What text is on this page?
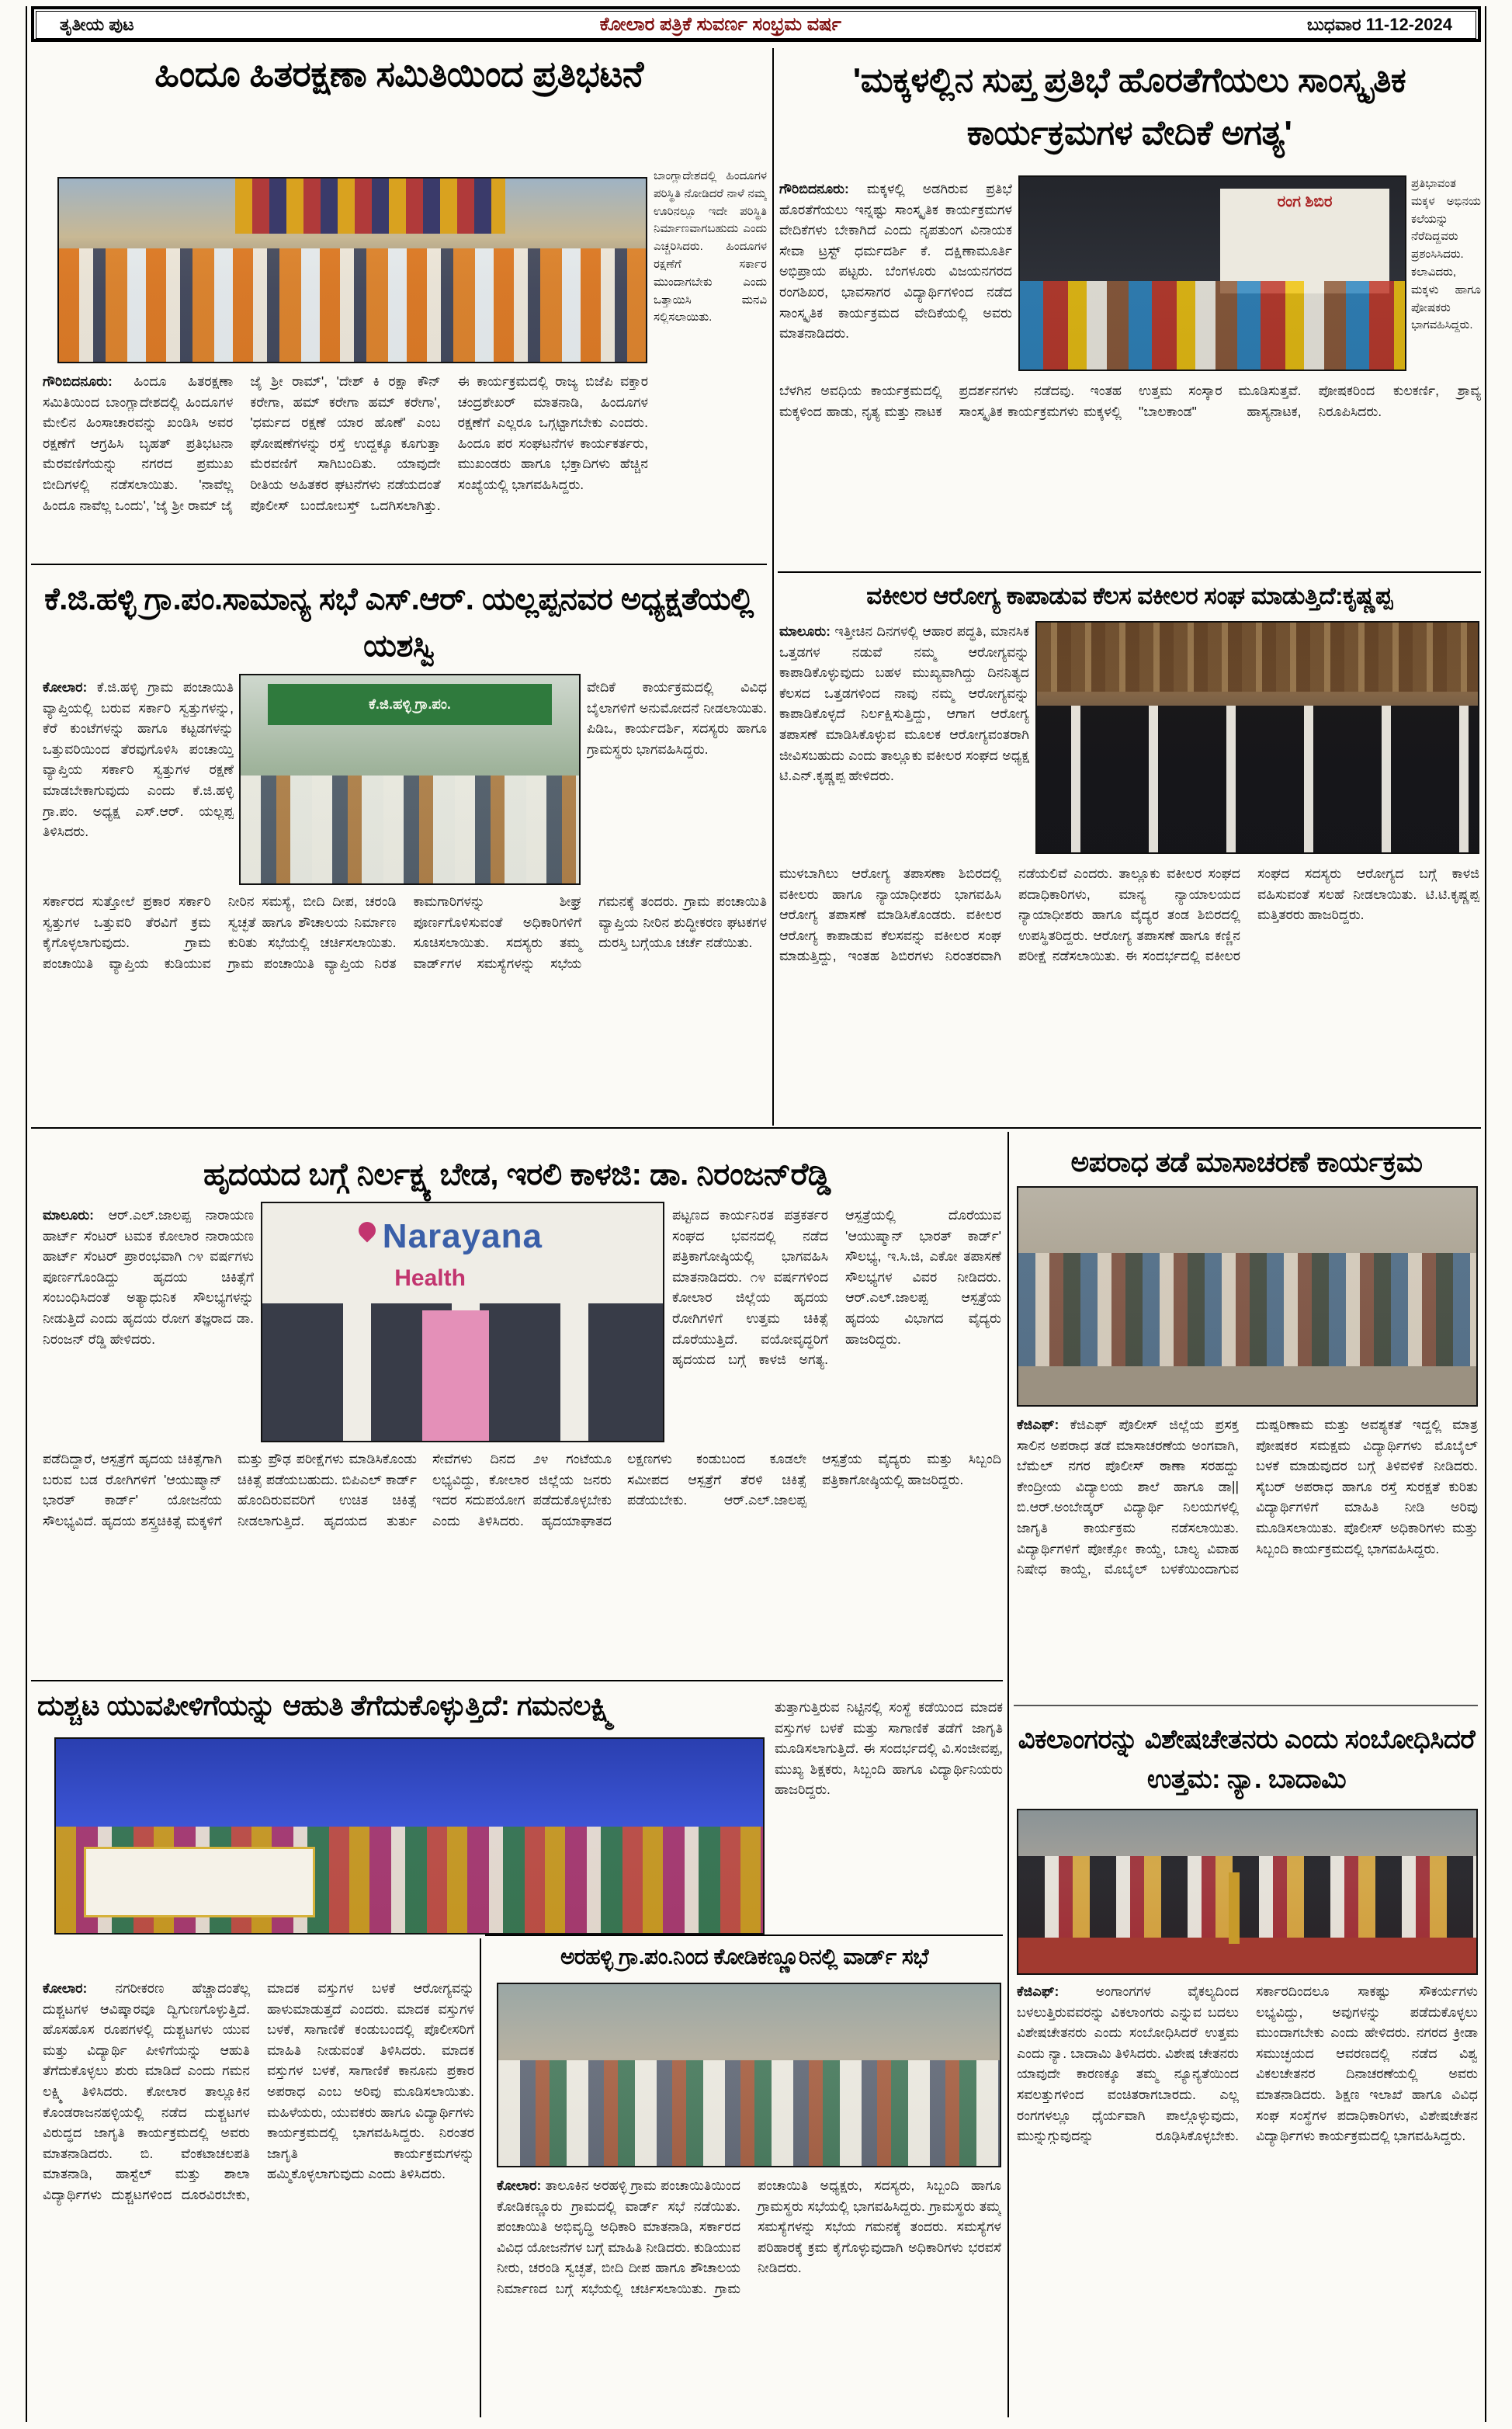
ತೃತೀಯ ಪುಟ	ಕೋಲಾರ ಪತ್ರಿಕೆ ಸುವರ್ಣ ಸಂಭ್ರಮ ವರ್ಷ	ಬುಧವಾರ 11-12-2024
ಹಿಂದೂ ಹಿತರಕ್ಷಣಾ ಸಮಿತಿಯಿಂದ ಪ್ರತಿಭಟನೆ
ಬಾಂಗ್ಲಾದೇಶದಲ್ಲಿ ಹಿಂದೂಗಳ ಪರಿಸ್ಥಿತಿ ನೋಡಿದರೆ ನಾಳೆ ನಮ್ಮ ಊರಿನಲ್ಲೂ ಇದೇ ಪರಿಸ್ಥಿತಿ ನಿರ್ಮಾಣವಾಗಬಹುದು ಎಂದು ಎಚ್ಚರಿಸಿದರು. ಹಿಂದೂಗಳ ರಕ್ಷಣೆಗೆ ಸರ್ಕಾರ ಮುಂದಾಗಬೇಕು ಎಂದು ಒತ್ತಾಯಿಸಿ ಮನವಿ ಸಲ್ಲಿಸಲಾಯಿತು.
ಗೌರಿಬಿದನೂರು: ಹಿಂದೂ ಹಿತರಕ್ಷಣಾ ಸಮಿತಿಯಿಂದ ಬಾಂಗ್ಲಾದೇಶದಲ್ಲಿ ಹಿಂದೂಗಳ ಮೇಲಿನ ಹಿಂಸಾಚಾರವನ್ನು ಖಂಡಿಸಿ ಅವರ ರಕ್ಷಣೆಗೆ ಆಗ್ರಹಿಸಿ ಬೃಹತ್ ಪ್ರತಿಭಟನಾ ಮೆರವಣಿಗೆಯನ್ನು ನಗರದ ಪ್ರಮುಖ ಬೀದಿಗಳಲ್ಲಿ ನಡೆಸಲಾಯಿತು. 'ನಾವೆಲ್ಲ ಹಿಂದೂ ನಾವೆಲ್ಲ ಒಂದು', 'ಜೈ ಶ್ರೀ ರಾಮ್ ಜೈ ಜೈ ಶ್ರೀ ರಾಮ್', 'ದೇಶ್ ಕಿ ರಕ್ಷಾ ಕೌನ್ ಕರೇಗಾ, ಹಮ್ ಕರೇಗಾ ಹಮ್ ಕರೇಗಾ', 'ಧರ್ಮದ ರಕ್ಷಣೆ ಯಾರ ಹೊಣೆ' ಎಂಬ ಘೋಷಣೆಗಳನ್ನು ರಸ್ತೆ ಉದ್ದಕ್ಕೂ ಕೂಗುತ್ತಾ ಮೆರವಣಿಗೆ ಸಾಗಿಬಂದಿತು. ಯಾವುದೇ ರೀತಿಯ ಅಹಿತಕರ ಘಟನೆಗಳು ನಡೆಯದಂತೆ ಪೊಲೀಸ್ ಬಂದೋಬಸ್ತ್ ಒದಗಿಸಲಾಗಿತ್ತು. ಈ ಕಾರ್ಯಕ್ರಮದಲ್ಲಿ ರಾಜ್ಯ ಬಿಜೆಪಿ ವಕ್ತಾರ ಚಂದ್ರಶೇಖರ್ ಮಾತನಾಡಿ, ಹಿಂದೂಗಳ ರಕ್ಷಣೆಗೆ ಎಲ್ಲರೂ ಒಗ್ಗಟ್ಟಾಗಬೇಕು ಎಂದರು. ಹಿಂದೂ ಪರ ಸಂಘಟನೆಗಳ ಕಾರ್ಯಕರ್ತರು, ಮುಖಂಡರು ಹಾಗೂ ಭಕ್ತಾದಿಗಳು ಹೆಚ್ಚಿನ ಸಂಖ್ಯೆಯಲ್ಲಿ ಭಾಗವಹಿಸಿದ್ದರು.
'ಮಕ್ಕಳಲ್ಲಿನ ಸುಪ್ತ ಪ್ರತಿಭೆ ಹೊರತೆಗೆಯಲು ಸಾಂಸ್ಕೃತಿಕ ಕಾರ್ಯಕ್ರಮಗಳ ವೇದಿಕೆ ಅಗತ್ಯ'
ಗೌರಿಬಿದನೂರು: ಮಕ್ಕಳಲ್ಲಿ ಅಡಗಿರುವ ಪ್ರತಿಭೆ ಹೊರತೆಗೆಯಲು ಇನ್ನಷ್ಟು ಸಾಂಸ್ಕೃತಿಕ ಕಾರ್ಯಕ್ರಮಗಳ ವೇದಿಕೆಗಳು ಬೇಕಾಗಿದೆ ಎಂದು ನೃಪತುಂಗ ವಿನಾಯಕ ಸೇವಾ ಟ್ರಸ್ಟ್ ಧರ್ಮದರ್ಶಿ ಕೆ. ದಕ್ಷಿಣಾಮೂರ್ತಿ ಅಭಿಪ್ರಾಯ ಪಟ್ಟರು. ಬೆಂಗಳೂರು ವಿಜಯನಗರದ ರಂಗಶಿಖರ, ಭಾವಸಾಗರ ವಿದ್ಯಾರ್ಥಿಗಳಿಂದ ನಡೆದ ಸಾಂಸ್ಕೃತಿಕ ಕಾರ್ಯಕ್ರಮದ ವೇದಿಕೆಯಲ್ಲಿ ಅವರು ಮಾತನಾಡಿದರು.
ರಂಗ ಶಿಬಿರ
ಪ್ರತಿಭಾವಂತ ಮಕ್ಕಳ ಅಭಿನಯ ಕಲೆಯನ್ನು ನೆರೆದಿದ್ದವರು ಪ್ರಶಂಸಿಸಿದರು. ಕಲಾವಿದರು, ಮಕ್ಕಳು ಹಾಗೂ ಪೋಷಕರು ಭಾಗವಹಿಸಿದ್ದರು.
ಬೆಳಗಿನ ಅವಧಿಯ ಕಾರ್ಯಕ್ರಮದಲ್ಲಿ ಮಕ್ಕಳಿಂದ ಹಾಡು, ನೃತ್ಯ ಮತ್ತು ನಾಟಕ ಪ್ರದರ್ಶನಗಳು ನಡೆದವು. ಇಂತಹ ಸಾಂಸ್ಕೃತಿಕ ಕಾರ್ಯಕ್ರಮಗಳು ಮಕ್ಕಳಲ್ಲಿ ಉತ್ತಮ ಸಂಸ್ಕಾರ ಮೂಡಿಸುತ್ತವೆ. "ಬಾಲಕಾಂಡ" ಹಾಸ್ಯನಾಟಕ, ಪೋಷಕರಿಂದ ಕುಲಕರ್ಣಿ, ಶ್ರಾವ್ಯ ನಿರೂಪಿಸಿದರು.
ಕೆ.ಜಿ.ಹಳ್ಳಿ ಗ್ರಾ.ಪಂ.ಸಾಮಾನ್ಯ ಸಭೆ ಎಸ್.ಆರ್. ಯಲ್ಲಪ್ಪನವರ ಅಧ್ಯಕ್ಷತೆಯಲ್ಲಿ ಯಶಸ್ವಿ
ಕೋಲಾರ: ಕೆ.ಜಿ.ಹಳ್ಳಿ ಗ್ರಾಮ ಪಂಚಾಯಿತಿ ವ್ಯಾಪ್ತಿಯಲ್ಲಿ ಬರುವ ಸರ್ಕಾರಿ ಸ್ವತ್ತುಗಳನ್ನು, ಕೆರೆ ಕುಂಟೆಗಳನ್ನು ಹಾಗೂ ಕಟ್ಟಡಗಳನ್ನು ಒತ್ತುವರಿಯಿಂದ ತೆರವುಗೊಳಿಸಿ ಪಂಚಾಯ್ತಿ ವ್ಯಾಪ್ತಿಯ ಸರ್ಕಾರಿ ಸ್ವತ್ತುಗಳ ರಕ್ಷಣೆ ಮಾಡಬೇಕಾಗುವುದು ಎಂದು ಕೆ.ಜಿ.ಹಳ್ಳಿ ಗ್ರಾ.ಪಂ. ಅಧ್ಯಕ್ಷ ಎಸ್.ಆರ್. ಯಲ್ಲಪ್ಪ ತಿಳಿಸಿದರು.
ಕೆ.ಜಿ.ಹಳ್ಳಿ ಗ್ರಾ.ಪಂ.
ವೇದಿಕೆ ಕಾರ್ಯಕ್ರಮದಲ್ಲಿ ವಿವಿಧ ಬೈಲಾಗಳಿಗೆ ಅನುಮೋದನೆ ನೀಡಲಾಯಿತು. ಪಿಡಿಒ, ಕಾರ್ಯದರ್ಶಿ, ಸದಸ್ಯರು ಹಾಗೂ ಗ್ರಾಮಸ್ಥರು ಭಾಗವಹಿಸಿದ್ದರು.
ಸರ್ಕಾರದ ಸುತ್ತೋಲೆ ಪ್ರಕಾರ ಸರ್ಕಾರಿ ಸ್ವತ್ತುಗಳ ಒತ್ತುವರಿ ತೆರವಿಗೆ ಕ್ರಮ ಕೈಗೊಳ್ಳಲಾಗುವುದು. ಗ್ರಾಮ ಪಂಚಾಯಿತಿ ವ್ಯಾಪ್ತಿಯ ಕುಡಿಯುವ ನೀರಿನ ಸಮಸ್ಯೆ, ಬೀದಿ ದೀಪ, ಚರಂಡಿ ಸ್ವಚ್ಛತೆ ಹಾಗೂ ಶೌಚಾಲಯ ನಿರ್ಮಾಣ ಕುರಿತು ಸಭೆಯಲ್ಲಿ ಚರ್ಚಿಸಲಾಯಿತು. ಗ್ರಾಮ ಪಂಚಾಯಿತಿ ವ್ಯಾಪ್ತಿಯ ನಿರತ ಕಾಮಗಾರಿಗಳನ್ನು ಶೀಘ್ರ ಪೂರ್ಣಗೊಳಿಸುವಂತೆ ಅಧಿಕಾರಿಗಳಿಗೆ ಸೂಚಿಸಲಾಯಿತು. ಸದಸ್ಯರು ತಮ್ಮ ವಾರ್ಡ್‌ಗಳ ಸಮಸ್ಯೆಗಳನ್ನು ಸಭೆಯ ಗಮನಕ್ಕೆ ತಂದರು. ಗ್ರಾಮ ಪಂಚಾಯಿತಿ ವ್ಯಾಪ್ತಿಯ ನೀರಿನ ಶುದ್ಧೀಕರಣ ಘಟಕಗಳ ದುರಸ್ತಿ ಬಗ್ಗೆಯೂ ಚರ್ಚೆ ನಡೆಯಿತು.
ವಕೀಲರ ಆರೋಗ್ಯ ಕಾಪಾಡುವ ಕೆಲಸ ವಕೀಲರ ಸಂಘ ಮಾಡುತ್ತಿದೆ:ಕೃಷ್ಣಪ್ಪ
ಮಾಲೂರು: ಇತ್ತೀಚಿನ ದಿನಗಳಲ್ಲಿ ಆಹಾರ ಪದ್ಧತಿ, ಮಾನಸಿಕ ಒತ್ತಡಗಳ ನಡುವೆ ನಮ್ಮ ಆರೋಗ್ಯವನ್ನು ಕಾಪಾಡಿಕೊಳ್ಳುವುದು ಬಹಳ ಮುಖ್ಯವಾಗಿದ್ದು ದಿನನಿತ್ಯದ ಕೆಲಸದ ಒತ್ತಡಗಳಿಂದ ನಾವು ನಮ್ಮ ಆರೋಗ್ಯವನ್ನು ಕಾಪಾಡಿಕೊಳ್ಳದೆ ನಿರ್ಲಕ್ಷಿಸುತ್ತಿದ್ದು, ಆಗಾಗ ಆರೋಗ್ಯ ತಪಾಸಣೆ ಮಾಡಿಸಿಕೊಳ್ಳುವ ಮೂಲಕ ಆರೋಗ್ಯವಂತರಾಗಿ ಜೀವಿಸಬಹುದು ಎಂದು ತಾಲ್ಲೂಕು ವಕೀಲರ ಸಂಘದ ಅಧ್ಯಕ್ಷ ಟಿ.ಎನ್.ಕೃಷ್ಣಪ್ಪ ಹೇಳಿದರು.
ಮುಳಬಾಗಿಲು ಆರೋಗ್ಯ ತಪಾಸಣಾ ಶಿಬಿರದಲ್ಲಿ ವಕೀಲರು ಹಾಗೂ ನ್ಯಾಯಾಧೀಶರು ಭಾಗವಹಿಸಿ ಆರೋಗ್ಯ ತಪಾಸಣೆ ಮಾಡಿಸಿಕೊಂಡರು. ವಕೀಲರ ಆರೋಗ್ಯ ಕಾಪಾಡುವ ಕೆಲಸವನ್ನು ವಕೀಲರ ಸಂಘ ಮಾಡುತ್ತಿದ್ದು, ಇಂತಹ ಶಿಬಿರಗಳು ನಿರಂತರವಾಗಿ ನಡೆಯಲಿವೆ ಎಂದರು. ತಾಲ್ಲೂಕು ವಕೀಲರ ಸಂಘದ ಪದಾಧಿಕಾರಿಗಳು, ಮಾನ್ಯ ನ್ಯಾಯಾಲಯದ ನ್ಯಾಯಾಧೀಶರು ಹಾಗೂ ವೈದ್ಯರ ತಂಡ ಶಿಬಿರದಲ್ಲಿ ಉಪಸ್ಥಿತರಿದ್ದರು. ಆರೋಗ್ಯ ತಪಾಸಣೆ ಹಾಗೂ ಕಣ್ಣಿನ ಪರೀಕ್ಷೆ ನಡೆಸಲಾಯಿತು. ಈ ಸಂದರ್ಭದಲ್ಲಿ ವಕೀಲರ ಸಂಘದ ಸದಸ್ಯರು ಆರೋಗ್ಯದ ಬಗ್ಗೆ ಕಾಳಜಿ ವಹಿಸುವಂತೆ ಸಲಹೆ ನೀಡಲಾಯಿತು. ಟಿ.ಟಿ.ಕೃಷ್ಣಪ್ಪ ಮತ್ತಿತರರು ಹಾಜರಿದ್ದರು.
ಹೃದಯದ ಬಗ್ಗೆ ನಿರ್ಲಕ್ಷ್ಯ ಬೇಡ, ಇರಲಿ ಕಾಳಜಿ: ಡಾ. ನಿರಂಜನ್‌ರೆಡ್ಡಿ
ಮಾಲೂರು: ಆರ್.ಎಲ್.ಜಾಲಪ್ಪ ನಾರಾಯಣ ಹಾರ್ಟ್ ಸೆಂಟರ್ ಟಮಕ ಕೋಲಾರ ನಾರಾಯಣ ಹಾರ್ಟ್ ಸೆಂಟರ್ ಪ್ರಾರಂಭವಾಗಿ ೧೪ ವರ್ಷಗಳು ಪೂರ್ಣಗೊಂಡಿದ್ದು ಹೃದಯ ಚಿಕಿತ್ಸೆಗೆ ಸಂಬಂಧಿಸಿದಂತೆ ಅತ್ಯಾಧುನಿಕ ಸೌಲಭ್ಯಗಳನ್ನು ನೀಡುತ್ತಿದೆ ಎಂದು ಹೃದಯ ರೋಗ ತಜ್ಞರಾದ ಡಾ. ನಿರಂಜನ್ ರೆಡ್ಡಿ ಹೇಳಿದರು.
Narayana
Health
ಪಟ್ಟಣದ ಕಾರ್ಯನಿರತ ಪತ್ರಕರ್ತರ ಸಂಘದ ಭವನದಲ್ಲಿ ನಡೆದ ಪತ್ರಿಕಾಗೋಷ್ಠಿಯಲ್ಲಿ ಭಾಗವಹಿಸಿ ಮಾತನಾಡಿದರು. ೧೪ ವರ್ಷಗಳಿಂದ ಕೋಲಾರ ಜಿಲ್ಲೆಯ ಹೃದಯ ರೋಗಿಗಳಿಗೆ ಉತ್ತಮ ಚಿಕಿತ್ಸೆ ದೊರೆಯುತ್ತಿದೆ. ವಯೋವೃದ್ಧರಿಗೆ ಹೃದಯದ ಬಗ್ಗೆ ಕಾಳಜಿ ಅಗತ್ಯ. ಆಸ್ಪತ್ರೆಯಲ್ಲಿ ದೊರೆಯುವ 'ಆಯುಷ್ಮಾನ್ ಭಾರತ್ ಕಾರ್ಡ್' ಸೌಲಭ್ಯ, ಇ.ಸಿ.ಜಿ, ಎಕೋ ತಪಾಸಣೆ ಸೌಲಭ್ಯಗಳ ವಿವರ ನೀಡಿದರು. ಆರ್.ಎಲ್.ಜಾಲಪ್ಪ ಆಸ್ಪತ್ರೆಯ ಹೃದಯ ವಿಭಾಗದ ವೈದ್ಯರು ಹಾಜರಿದ್ದರು.
ಪಡೆದಿದ್ದಾರೆ, ಆಸ್ಪತ್ರೆಗೆ ಹೃದಯ ಚಿಕಿತ್ಸೆಗಾಗಿ ಬರುವ ಬಡ ರೋಗಿಗಳಿಗೆ 'ಆಯುಷ್ಮಾನ್ ಭಾರತ್ ಕಾರ್ಡ್' ಯೋಜನೆಯ ಸೌಲಭ್ಯವಿದೆ. ಹೃದಯ ಶಸ್ತ್ರಚಿಕಿತ್ಸೆ ಮಕ್ಕಳಿಗೆ ಮತ್ತು ಪ್ರೌಢ ಪರೀಕ್ಷೆಗಳು ಮಾಡಿಸಿಕೊಂಡು ಚಿಕಿತ್ಸೆ ಪಡೆಯಬಹುದು. ಬಿಪಿಎಲ್ ಕಾರ್ಡ್ ಹೊಂದಿರುವವರಿಗೆ ಉಚಿತ ಚಿಕಿತ್ಸೆ ನೀಡಲಾಗುತ್ತಿದೆ. ಹೃದಯದ ತುರ್ತು ಸೇವೆಗಳು ದಿನದ ೨೪ ಗಂಟೆಯೂ ಲಭ್ಯವಿದ್ದು, ಕೋಲಾರ ಜಿಲ್ಲೆಯ ಜನರು ಇದರ ಸದುಪಯೋಗ ಪಡೆದುಕೊಳ್ಳಬೇಕು ಎಂದು ತಿಳಿಸಿದರು. ಹೃದಯಾಘಾತದ ಲಕ್ಷಣಗಳು ಕಂಡುಬಂದ ಕೂಡಲೇ ಸಮೀಪದ ಆಸ್ಪತ್ರೆಗೆ ತೆರಳಿ ಚಿಕಿತ್ಸೆ ಪಡೆಯಬೇಕು. ಆರ್.ಎಲ್.ಜಾಲಪ್ಪ ಆಸ್ಪತ್ರೆಯ ವೈದ್ಯರು ಮತ್ತು ಸಿಬ್ಬಂದಿ ಪತ್ರಿಕಾಗೋಷ್ಠಿಯಲ್ಲಿ ಹಾಜರಿದ್ದರು.
ಅಪರಾಧ ತಡೆ ಮಾಸಾಚರಣೆ ಕಾರ್ಯಕ್ರಮ
ಕೆಜಿಎಫ್: ಕೆಜಿಎಫ್ ಪೊಲೀಸ್ ಜಿಲ್ಲೆಯ ಪ್ರಸಕ್ತ ಸಾಲಿನ ಅಪರಾಧ ತಡೆ ಮಾಸಾಚರಣೆಯ ಅಂಗವಾಗಿ, ಬೆಮೆಲ್ ನಗರ ಪೊಲೀಸ್ ಠಾಣಾ ಸರಹದ್ದು ಕೇಂದ್ರೀಯ ವಿದ್ಯಾಲಯ ಶಾಲೆ ಹಾಗೂ ಡಾ|| ಬಿ.ಆರ್.ಅಂಬೇಡ್ಕರ್ ವಿದ್ಯಾರ್ಥಿ ನಿಲಯಗಳಲ್ಲಿ ಜಾಗೃತಿ ಕಾರ್ಯಕ್ರಮ ನಡೆಸಲಾಯಿತು. ವಿದ್ಯಾರ್ಥಿಗಳಿಗೆ ಪೋಕ್ಸೋ ಕಾಯ್ದೆ, ಬಾಲ್ಯ ವಿವಾಹ ನಿಷೇಧ ಕಾಯ್ದೆ, ಮೊಬೈಲ್ ಬಳಕೆಯಿಂದಾಗುವ ದುಷ್ಪರಿಣಾಮ ಮತ್ತು ಅವಶ್ಯಕತೆ ಇದ್ದಲ್ಲಿ ಮಾತ್ರ ಪೋಷಕರ ಸಮಕ್ಷಮ ವಿದ್ಯಾರ್ಥಿಗಳು ಮೊಬೈಲ್ ಬಳಕೆ ಮಾಡುವುದರ ಬಗ್ಗೆ ತಿಳಿವಳಿಕೆ ನೀಡಿದರು. ಸೈಬರ್ ಅಪರಾಧ ಹಾಗೂ ರಸ್ತೆ ಸುರಕ್ಷತೆ ಕುರಿತು ವಿದ್ಯಾರ್ಥಿಗಳಿಗೆ ಮಾಹಿತಿ ನೀಡಿ ಅರಿವು ಮೂಡಿಸಲಾಯಿತು. ಪೊಲೀಸ್ ಅಧಿಕಾರಿಗಳು ಮತ್ತು ಸಿಬ್ಬಂದಿ ಕಾರ್ಯಕ್ರಮದಲ್ಲಿ ಭಾಗವಹಿಸಿದ್ದರು.
ದುಶ್ಚಟ ಯುವಪೀಳಿಗೆಯನ್ನು ಆಹುತಿ ತೆಗೆದುಕೊಳ್ಳುತ್ತಿದೆ: ಗಮನಲಕ್ಷ್ಮಿ	ತುತ್ತಾಗುತ್ತಿರುವ ನಿಟ್ಟಿನಲ್ಲಿ ಸಂಸ್ಥೆ ಕಡೆಯಿಂದ ಮಾದಕ ವಸ್ತುಗಳ ಬಳಕೆ ಮತ್ತು ಸಾಗಾಣಿಕೆ ತಡೆಗೆ ಜಾಗೃತಿ ಮೂಡಿಸಲಾಗುತ್ತಿದೆ. ಈ ಸಂದರ್ಭದಲ್ಲಿ ವಿ.ಸಂಜೀವಪ್ಪ, ಮುಖ್ಯ ಶಿಕ್ಷಕರು, ಸಿಬ್ಬಂದಿ ಹಾಗೂ ವಿದ್ಯಾರ್ಥಿನಿಯರು ಹಾಜರಿದ್ದರು.
ಕೋಲಾರ: ನಗರೀಕರಣ ಹೆಚ್ಚಾದಂತೆಲ್ಲ ದುಶ್ಚಟಗಳ ಆವಿಷ್ಕಾರವೂ ದ್ವಿಗುಣಗೊಳ್ಳುತ್ತಿದೆ. ಹೊಸಹೊಸ ರೂಪಗಳಲ್ಲಿ ದುಶ್ಚಟಗಳು ಯುವ ಮತ್ತು ವಿದ್ಯಾರ್ಥಿ ಪೀಳಿಗೆಯನ್ನು ಆಹುತಿ ತೆಗೆದುಕೊಳ್ಳಲು ಶುರು ಮಾಡಿದೆ ಎಂದು ಗಮನ ಲಕ್ಷ್ಮಿ ತಿಳಿಸಿದರು. ಕೋಲಾರ ತಾಲ್ಲೂಕಿನ ಕೊಂಡರಾಜನಹಳ್ಳಿಯಲ್ಲಿ ನಡೆದ ದುಶ್ಚಟಗಳ ವಿರುದ್ಧದ ಜಾಗೃತಿ ಕಾರ್ಯಕ್ರಮದಲ್ಲಿ ಅವರು ಮಾತನಾಡಿದರು. ಬಿ. ವೆಂಕಟಾಚಲಪತಿ ಮಾತನಾಡಿ, ಹಾಸ್ಟೆಲ್ ಮತ್ತು ಶಾಲಾ ವಿದ್ಯಾರ್ಥಿಗಳು ದುಶ್ಚಟಗಳಿಂದ ದೂರವಿರಬೇಕು, ಮಾದಕ ವಸ್ತುಗಳ ಬಳಕೆ ಆರೋಗ್ಯವನ್ನು ಹಾಳುಮಾಡುತ್ತದೆ ಎಂದರು. ಮಾದಕ ವಸ್ತುಗಳ ಬಳಕೆ, ಸಾಗಾಣಿಕೆ ಕಂಡುಬಂದಲ್ಲಿ ಪೊಲೀಸರಿಗೆ ಮಾಹಿತಿ ನೀಡುವಂತೆ ತಿಳಿಸಿದರು. ಮಾದಕ ವಸ್ತುಗಳ ಬಳಕೆ, ಸಾಗಾಣಿಕೆ ಕಾನೂನು ಪ್ರಕಾರ ಅಪರಾಧ ಎಂಬ ಅರಿವು ಮೂಡಿಸಲಾಯಿತು. ಮಹಿಳೆಯರು, ಯುವಕರು ಹಾಗೂ ವಿದ್ಯಾರ್ಥಿಗಳು ಕಾರ್ಯಕ್ರಮದಲ್ಲಿ ಭಾಗವಹಿಸಿದ್ದರು. ನಿರಂತರ ಜಾಗೃತಿ ಕಾರ್ಯಕ್ರಮಗಳನ್ನು ಹಮ್ಮಿಕೊಳ್ಳಲಾಗುವುದು ಎಂದು ತಿಳಿಸಿದರು.
ಅರಹಳ್ಳಿ ಗ್ರಾ.ಪಂ.ನಿಂದ ಕೋಡಿಕಣ್ಣೂರಿನಲ್ಲಿ ವಾರ್ಡ್ ಸಭೆ
ಕೋಲಾರ: ತಾಲೂಕಿನ ಅರಹಳ್ಳಿ ಗ್ರಾಮ ಪಂಚಾಯಿತಿಯಿಂದ ಕೋಡಿಕಣ್ಣೂರು ಗ್ರಾಮದಲ್ಲಿ ವಾರ್ಡ್ ಸಭೆ ನಡೆಯಿತು. ಪಂಚಾಯಿತಿ ಅಭಿವೃದ್ಧಿ ಅಧಿಕಾರಿ ಮಾತನಾಡಿ, ಸರ್ಕಾರದ ವಿವಿಧ ಯೋಜನೆಗಳ ಬಗ್ಗೆ ಮಾಹಿತಿ ನೀಡಿದರು. ಕುಡಿಯುವ ನೀರು, ಚರಂಡಿ ಸ್ವಚ್ಛತೆ, ಬೀದಿ ದೀಪ ಹಾಗೂ ಶೌಚಾಲಯ ನಿರ್ಮಾಣದ ಬಗ್ಗೆ ಸಭೆಯಲ್ಲಿ ಚರ್ಚಿಸಲಾಯಿತು. ಗ್ರಾಮ ಪಂಚಾಯಿತಿ ಅಧ್ಯಕ್ಷರು, ಸದಸ್ಯರು, ಸಿಬ್ಬಂದಿ ಹಾಗೂ ಗ್ರಾಮಸ್ಥರು ಸಭೆಯಲ್ಲಿ ಭಾಗವಹಿಸಿದ್ದರು. ಗ್ರಾಮಸ್ಥರು ತಮ್ಮ ಸಮಸ್ಯೆಗಳನ್ನು ಸಭೆಯ ಗಮನಕ್ಕೆ ತಂದರು. ಸಮಸ್ಯೆಗಳ ಪರಿಹಾರಕ್ಕೆ ಕ್ರಮ ಕೈಗೊಳ್ಳುವುದಾಗಿ ಅಧಿಕಾರಿಗಳು ಭರವಸೆ ನೀಡಿದರು.
ವಿಕಲಾಂಗರನ್ನು ವಿಶೇಷಚೇತನರು ಎಂದು ಸಂಬೋಧಿಸಿದರೆ ಉತ್ತಮ: ನ್ಯಾ. ಬಾದಾಮಿ
ಕೆಜಿಎಫ್:	ಅಂಗಾಂಗಗಳ ವೈಕಲ್ಯದಿಂದ ಬಳಲುತ್ತಿರುವವರನ್ನು ವಿಕಲಾಂಗರು ಎನ್ನುವ ಬದಲು ವಿಶೇಷಚೇತನರು ಎಂದು ಸಂಬೋಧಿಸಿದರೆ ಉತ್ತಮ ಎಂದು ನ್ಯಾ. ಬಾದಾಮಿ ತಿಳಿಸಿದರು. ವಿಶೇಷ ಚೇತನರು ಯಾವುದೇ ಕಾರಣಕ್ಕೂ ತಮ್ಮ ನ್ಯೂನ್ಯತೆಯಿಂದ ಸವಲತ್ತುಗಳಿಂದ ವಂಚಿತರಾಗಬಾರದು. ಎಲ್ಲ ರಂಗಗಳಲ್ಲೂ ಧೈರ್ಯವಾಗಿ ಪಾಲ್ಗೊಳ್ಳುವುದು, ಮುನ್ನುಗ್ಗುವುದನ್ನು ರೂಢಿಸಿಕೊಳ್ಳಬೇಕು. ಸರ್ಕಾರದಿಂದಲೂ ಸಾಕಷ್ಟು ಸೌಕರ್ಯಗಳು ಲಭ್ಯವಿದ್ದು, ಅವುಗಳನ್ನು ಪಡೆದುಕೊಳ್ಳಲು ಮುಂದಾಗಬೇಕು ಎಂದು ಹೇಳಿದರು. ನಗರದ ಕ್ರೀಡಾ ಸಮುಚ್ಛಯದ ಆವರಣದಲ್ಲಿ ನಡೆದ ವಿಶ್ವ ವಿಕಲಚೇತನರ ದಿನಾಚರಣೆಯಲ್ಲಿ ಅವರು ಮಾತನಾಡಿದರು. ಶಿಕ್ಷಣ ಇಲಾಖೆ ಹಾಗೂ ವಿವಿಧ ಸಂಘ ಸಂಸ್ಥೆಗಳ ಪದಾಧಿಕಾರಿಗಳು, ವಿಶೇಷಚೇತನ ವಿದ್ಯಾರ್ಥಿಗಳು ಕಾರ್ಯಕ್ರಮದಲ್ಲಿ ಭಾಗವಹಿಸಿದ್ದರು.
